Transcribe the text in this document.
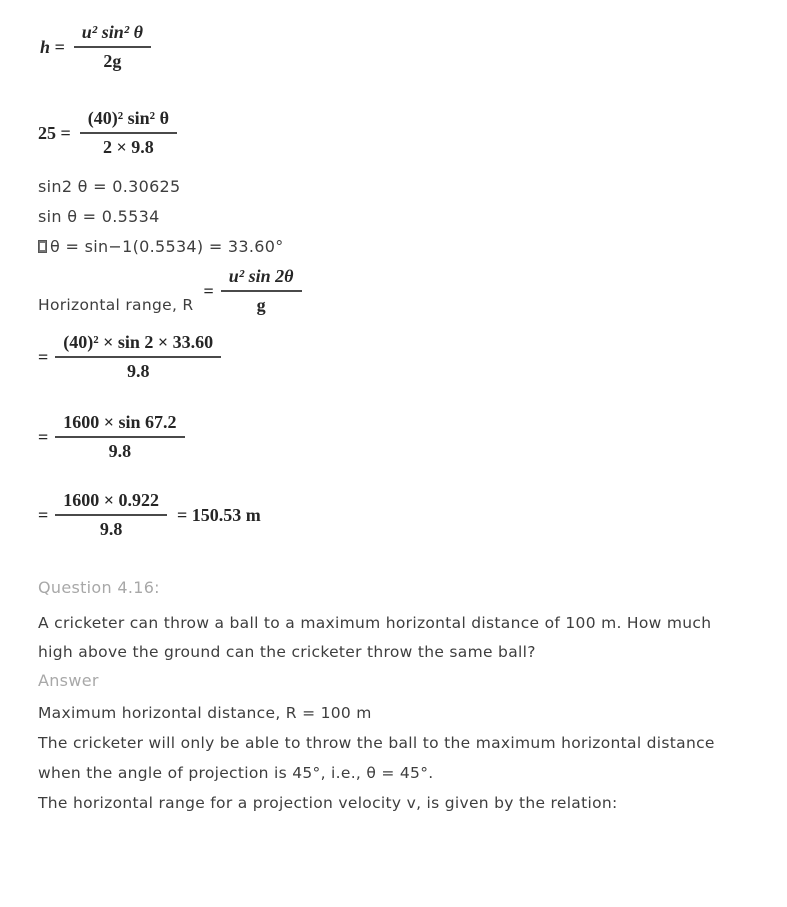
$h = \frac{\text{u² sin² θ}}{2g}$
$25 = \frac{\text{(40)² sin² θ}}{2 \times 9.8}$
sin2 θ = 0.30625
sin θ = 0.5534
θ = sin−1(0.5534) = 33.60°
Horizontal range, R
= $\frac{\text{u² sin 2θ}}{g}$
= $\frac{\text{(40)² × sin 2 × 33.60}}{9.8}$
= $\frac{1600 \times \sin 67.2}{9.8}$
= $\frac{1600 \times 0.922}{9.8} = 150.53$ m
Question 4.16:
A cricketer can throw a ball to a maximum horizontal distance of 100 m. How much
high above the ground can the cricketer throw the same ball?
Answer
Maximum horizontal distance, R = 100 m
The cricketer will only be able to throw the ball to the maximum horizontal distance
when the angle of projection is 45°, i.e., θ = 45°.
The horizontal range for a projection velocity v, is given by the relation:
